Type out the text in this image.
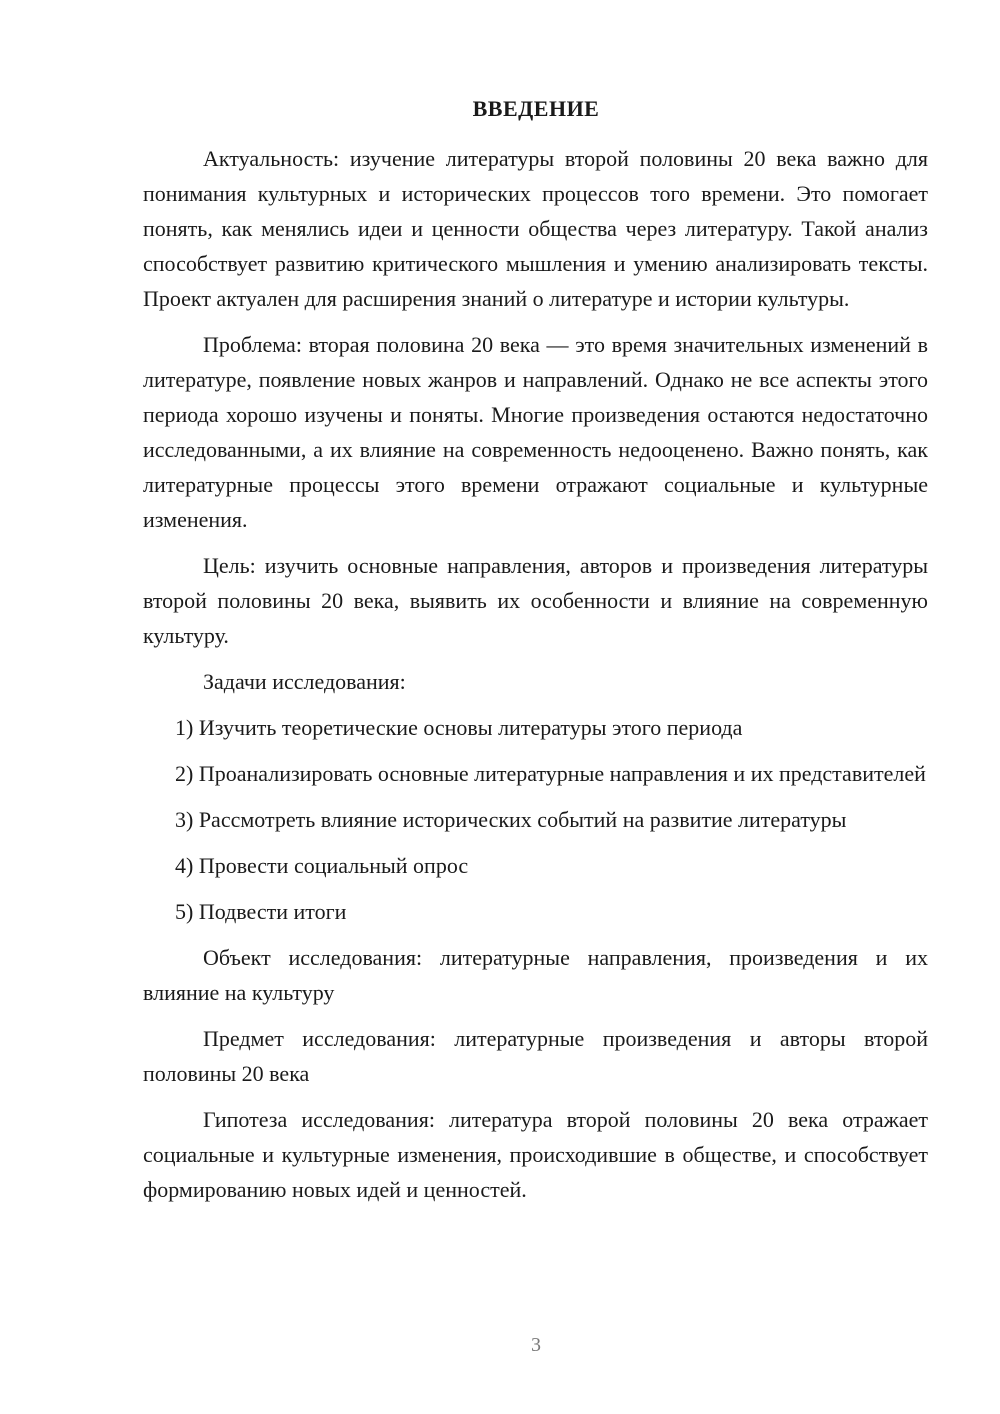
ВВЕДЕНИЕ

Актуальность: изучение литературы второй половины 20 века важно для понимания культурных и исторических процессов того времени. Это помогает понять, как менялись идеи и ценности общества через литературу. Такой анализ способствует развитию критического мышления и умению анализировать тексты. Проект актуален для расширения знаний о литературе и истории культуры.

Проблема: вторая половина 20 века — это время значительных изменений в литературе, появление новых жанров и направлений. Однако не все аспекты этого периода хорошо изучены и поняты. Многие произведения остаются недостаточно исследованными, а их влияние на современность недооценено. Важно понять, как литературные процессы этого времени отражают социальные и культурные изменения.

Цель: изучить основные направления, авторов и произведения литературы второй половины 20 века, выявить их особенности и влияние на современную культуру.

Задачи исследования:

1) Изучить теоретические основы литературы этого периода

2) Проанализировать основные литературные направления и их представителей

3) Рассмотреть влияние исторических событий на развитие литературы

4) Провести социальный опрос

5) Подвести итоги

Объект исследования: литературные направления, произведения и их влияние на культуру

Предмет исследования: литературные произведения и авторы второй половины 20 века

Гипотеза исследования: литература второй половины 20 века отражает социальные и культурные изменения, происходившие в обществе, и способствует формированию новых идей и ценностей.

3
